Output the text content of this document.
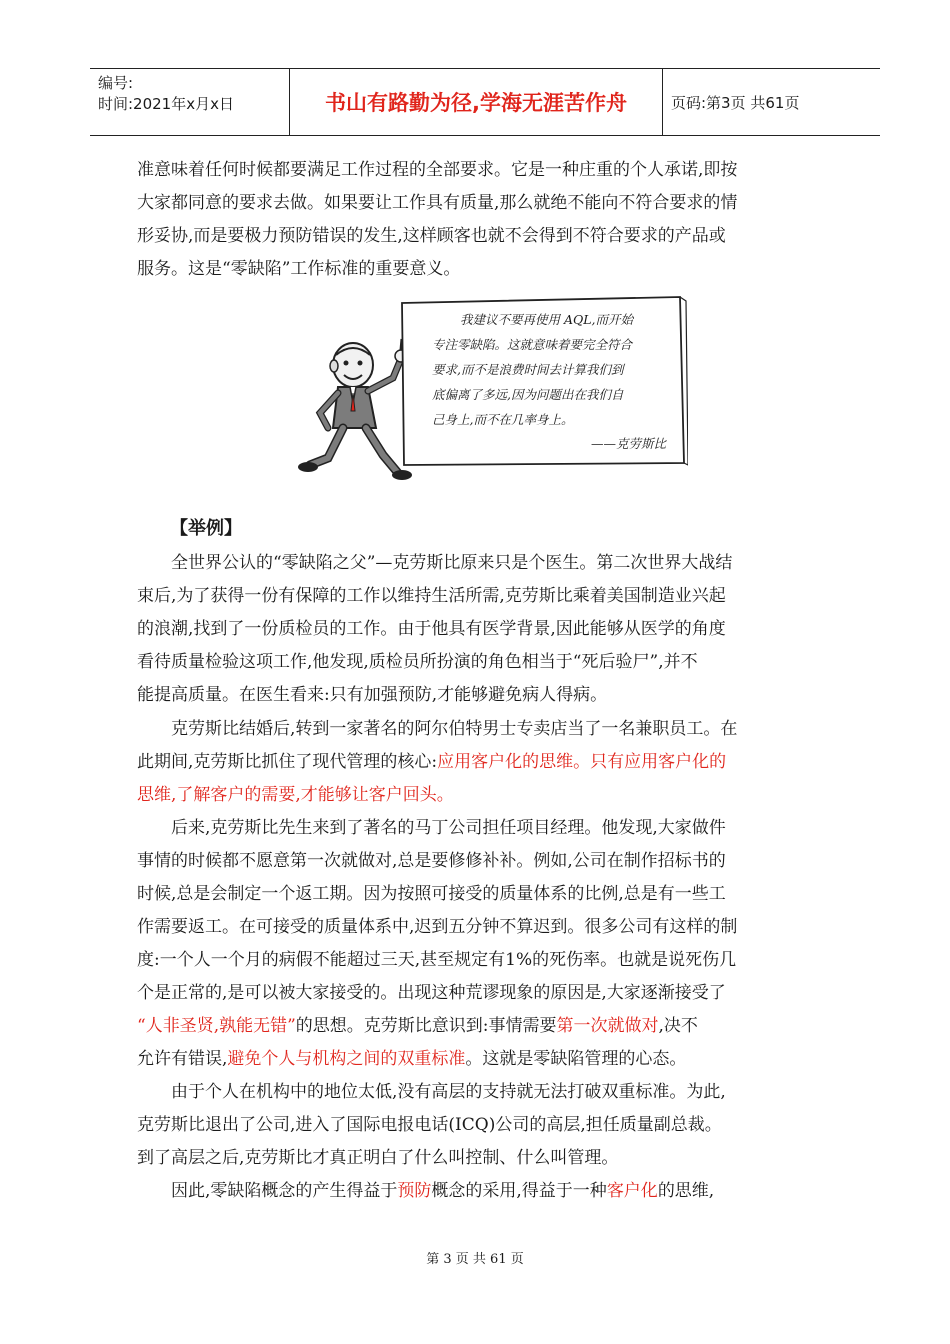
编号:
时间:2021年x月x日	书山有路勤为径,学海无涯苦作舟	页码:第3页 共61页
准意味着任何时候都要满足工作过程的全部要求。它是一种庄重的个人承诺,即按
大家都同意的要求去做。如果要让工作具有质量,那么就绝不能向不符合要求的情
形妥协,而是要极力预防错误的发生,这样顾客也就不会得到不符合要求的产品或
服务。这是“零缺陷”工作标准的重要意义。
我建议不要再使用 AQL,而开始
专注零缺陷。这就意味着要完全符合
要求,而不是浪费时间去计算我们到
底偏离了多远,因为问题出在我们自
己身上,而不在几率身上。
——克劳斯比
【举例】
全世界公认的“零缺陷之父”—克劳斯比原来只是个医生。第二次世界大战结
束后,为了获得一份有保障的工作以维持生活所需,克劳斯比乘着美国制造业兴起
的浪潮,找到了一份质检员的工作。由于他具有医学背景,因此能够从医学的角度
看待质量检验这项工作,他发现,质检员所扮演的角色相当于“死后验尸”,并不
能提高质量。在医生看来:只有加强预防,才能够避免病人得病。
克劳斯比结婚后,转到一家著名的阿尔伯特男士专卖店当了一名兼职员工。在
此期间,克劳斯比抓住了现代管理的核心:应用客户化的思维。只有应用客户化的
思维,了解客户的需要,才能够让客户回头。
后来,克劳斯比先生来到了著名的马丁公司担任项目经理。他发现,大家做件
事情的时候都不愿意第一次就做对,总是要修修补补。例如,公司在制作招标书的
时候,总是会制定一个返工期。因为按照可接受的质量体系的比例,总是有一些工
作需要返工。在可接受的质量体系中,迟到五分钟不算迟到。很多公司有这样的制
度:一个人一个月的病假不能超过三天,甚至规定有1%的死伤率。也就是说死伤几
个是正常的,是可以被大家接受的。出现这种荒谬现象的原因是,大家逐渐接受了
“人非圣贤,孰能无错”的思想。克劳斯比意识到:事情需要第一次就做对,决不
允许有错误,避免个人与机构之间的双重标准。这就是零缺陷管理的心态。
由于个人在机构中的地位太低,没有高层的支持就无法打破双重标准。为此,
克劳斯比退出了公司,进入了国际电报电话(ICQ)公司的高层,担任质量副总裁。
到了高层之后,克劳斯比才真正明白了什么叫控制、什么叫管理。
因此,零缺陷概念的产生得益于预防概念的采用,得益于一种客户化的思维,
第 3 页 共 61 页
